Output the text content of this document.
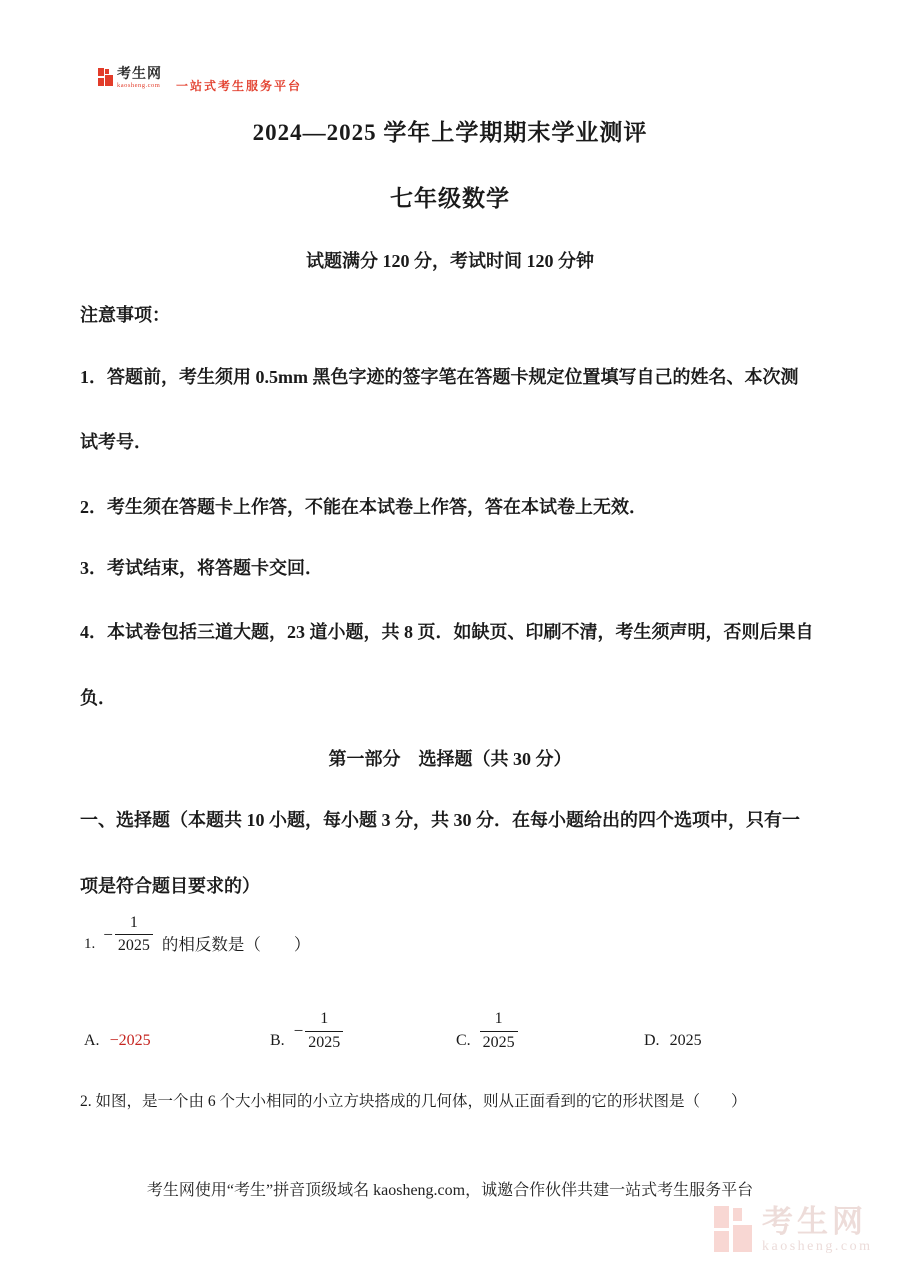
考生网
kaosheng.com 一站式考生服务平台
2024—2025 学年上学期期末学业测评
七年级数学
试题满分 120 分，考试时间 120 分钟
注意事项：
1．答题前，考生须用 0.5mm 黑色字迹的签字笔在答题卡规定位置填写自己的姓名、本次测
试考号．
2．考生须在答题卡上作答，不能在本试卷上作答，答在本试卷上无效．
3．考试结束，将答题卡交回．
4．本试卷包括三道大题，23 道小题，共 8 页．如缺页、印刷不清，考生须声明，否则后果自
负．
第一部分　选择题（共 30 分）
一、选择题（本题共 10 小题，每小题 3 分，共 30 分．在每小题给出的四个选项中，只有一
项是符合题目要求的）
1. − $\frac{1}{2025}$ 的相反数是（　　）
A. −2025	B.
− $\frac{1}{2025}$	C. $\frac{1}{2025}$	D. 2025
2. 如图，是一个由 6 个大小相同的小立方块搭成的几何体，则从正面看到的它的形状图是（　　）
考生网使用“考生”拼音顶级域名 kaosheng.com，诚邀合作伙伴共建一站式考生服务平台
考生网
kaosheng.com
